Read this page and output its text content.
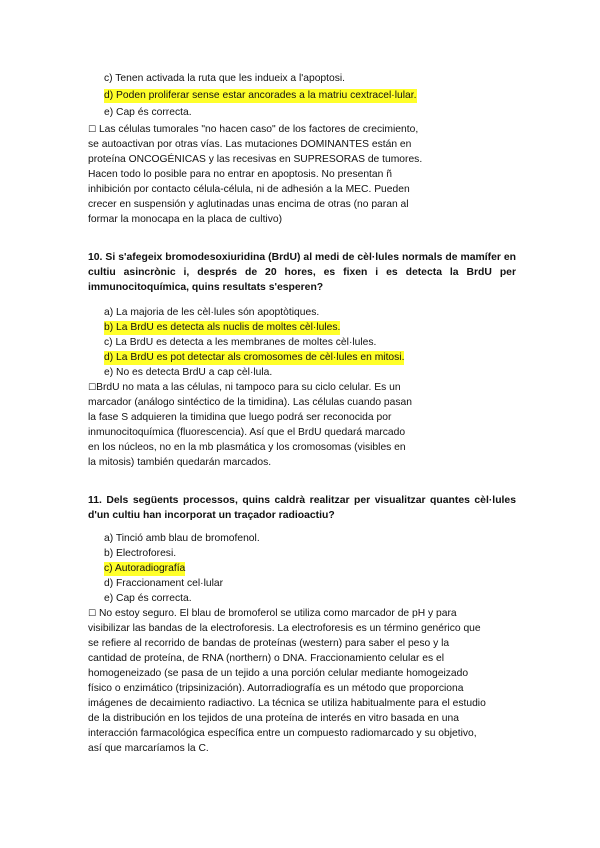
c) Tenen activada la ruta que les indueix a l'apoptosi.
d) Poden proliferar sense estar ancorades a la matriu cextracel·lular.
e) Cap és correcta.
☐ Las células tumorales "no hacen caso" de los factores de crecimiento,
se autoactivan por otras vías. Las mutaciones DOMINANTES están en
proteína ONCOGÉNICAS y las recesivas en SUPRESORAS de tumores.
Hacen todo lo posible para no entrar en apoptosis. No presentan ñ
inhibición por contacto célula-célula, ni de adhesión a la MEC. Pueden
crecer en suspensión y aglutinadas unas encima de otras (no paran al
formar la monocapa en la placa de cultivo)
10. Si s'afegeix bromodesoxiuridina (BrdU) al medi de cèl·lules normals de mamífer en cultiu asincrònic i, després de 20 hores, es fixen i es detecta la BrdU per immunocitoquímica, quins resultats s'esperen?
a) La majoria de les cèl·lules són apoptòtiques.
b) La BrdU es detecta als nuclis de moltes cèl·lules.
c) La BrdU es detecta a les membranes de moltes cèl·lules.
d) La BrdU es pot detectar als cromosomes de cèl·lules en mitosi.
e) No es detecta BrdU a cap cèl·lula.
☐BrdU no mata a las células, ni tampoco para su ciclo celular. Es un
marcador (análogo sintéctico de la timidina). Las células cuando pasan
la fase S adquieren la timidina que luego podrá ser reconocida por
inmunocitoquímica (fluorescencia). Así que el BrdU quedará marcado
en los núcleos, no en la mb plasmática y los cromosomas (visibles en
la mitosis) también quedarán marcados.
11. Dels següents processos, quins caldrà realitzar per visualitzar quantes cèl·lules d'un cultiu han incorporat un traçador radioactiu?
a) Tinció amb blau de bromofenol.
b) Electroforesi.
c) Autoradiografía
d) Fraccionament cel·lular
e) Cap és correcta.
☐ No estoy seguro. El blau de bromoferol se utiliza como marcador de pH y para
visibilizar las bandas de la electroforesis. La electroforesis es un término genérico que
se refiere al recorrido de bandas de proteínas (western) para saber el peso y la
cantidad de proteína, de RNA (northern) o DNA. Fraccionamiento celular es el
homogeneizado (se pasa de un tejido a una porción celular mediante homogeizado
físico o enzimático (tripsinización). Autorradiografía es un método que proporciona
imágenes de decaimiento radiactivo. La técnica se utiliza habitualmente para el estudio
de la distribución en los tejidos de una proteína de interés en vitro basada en una
interacción farmacológica específica entre un compuesto radiomarcado y su objetivo,
así que marcaríamos la C.
